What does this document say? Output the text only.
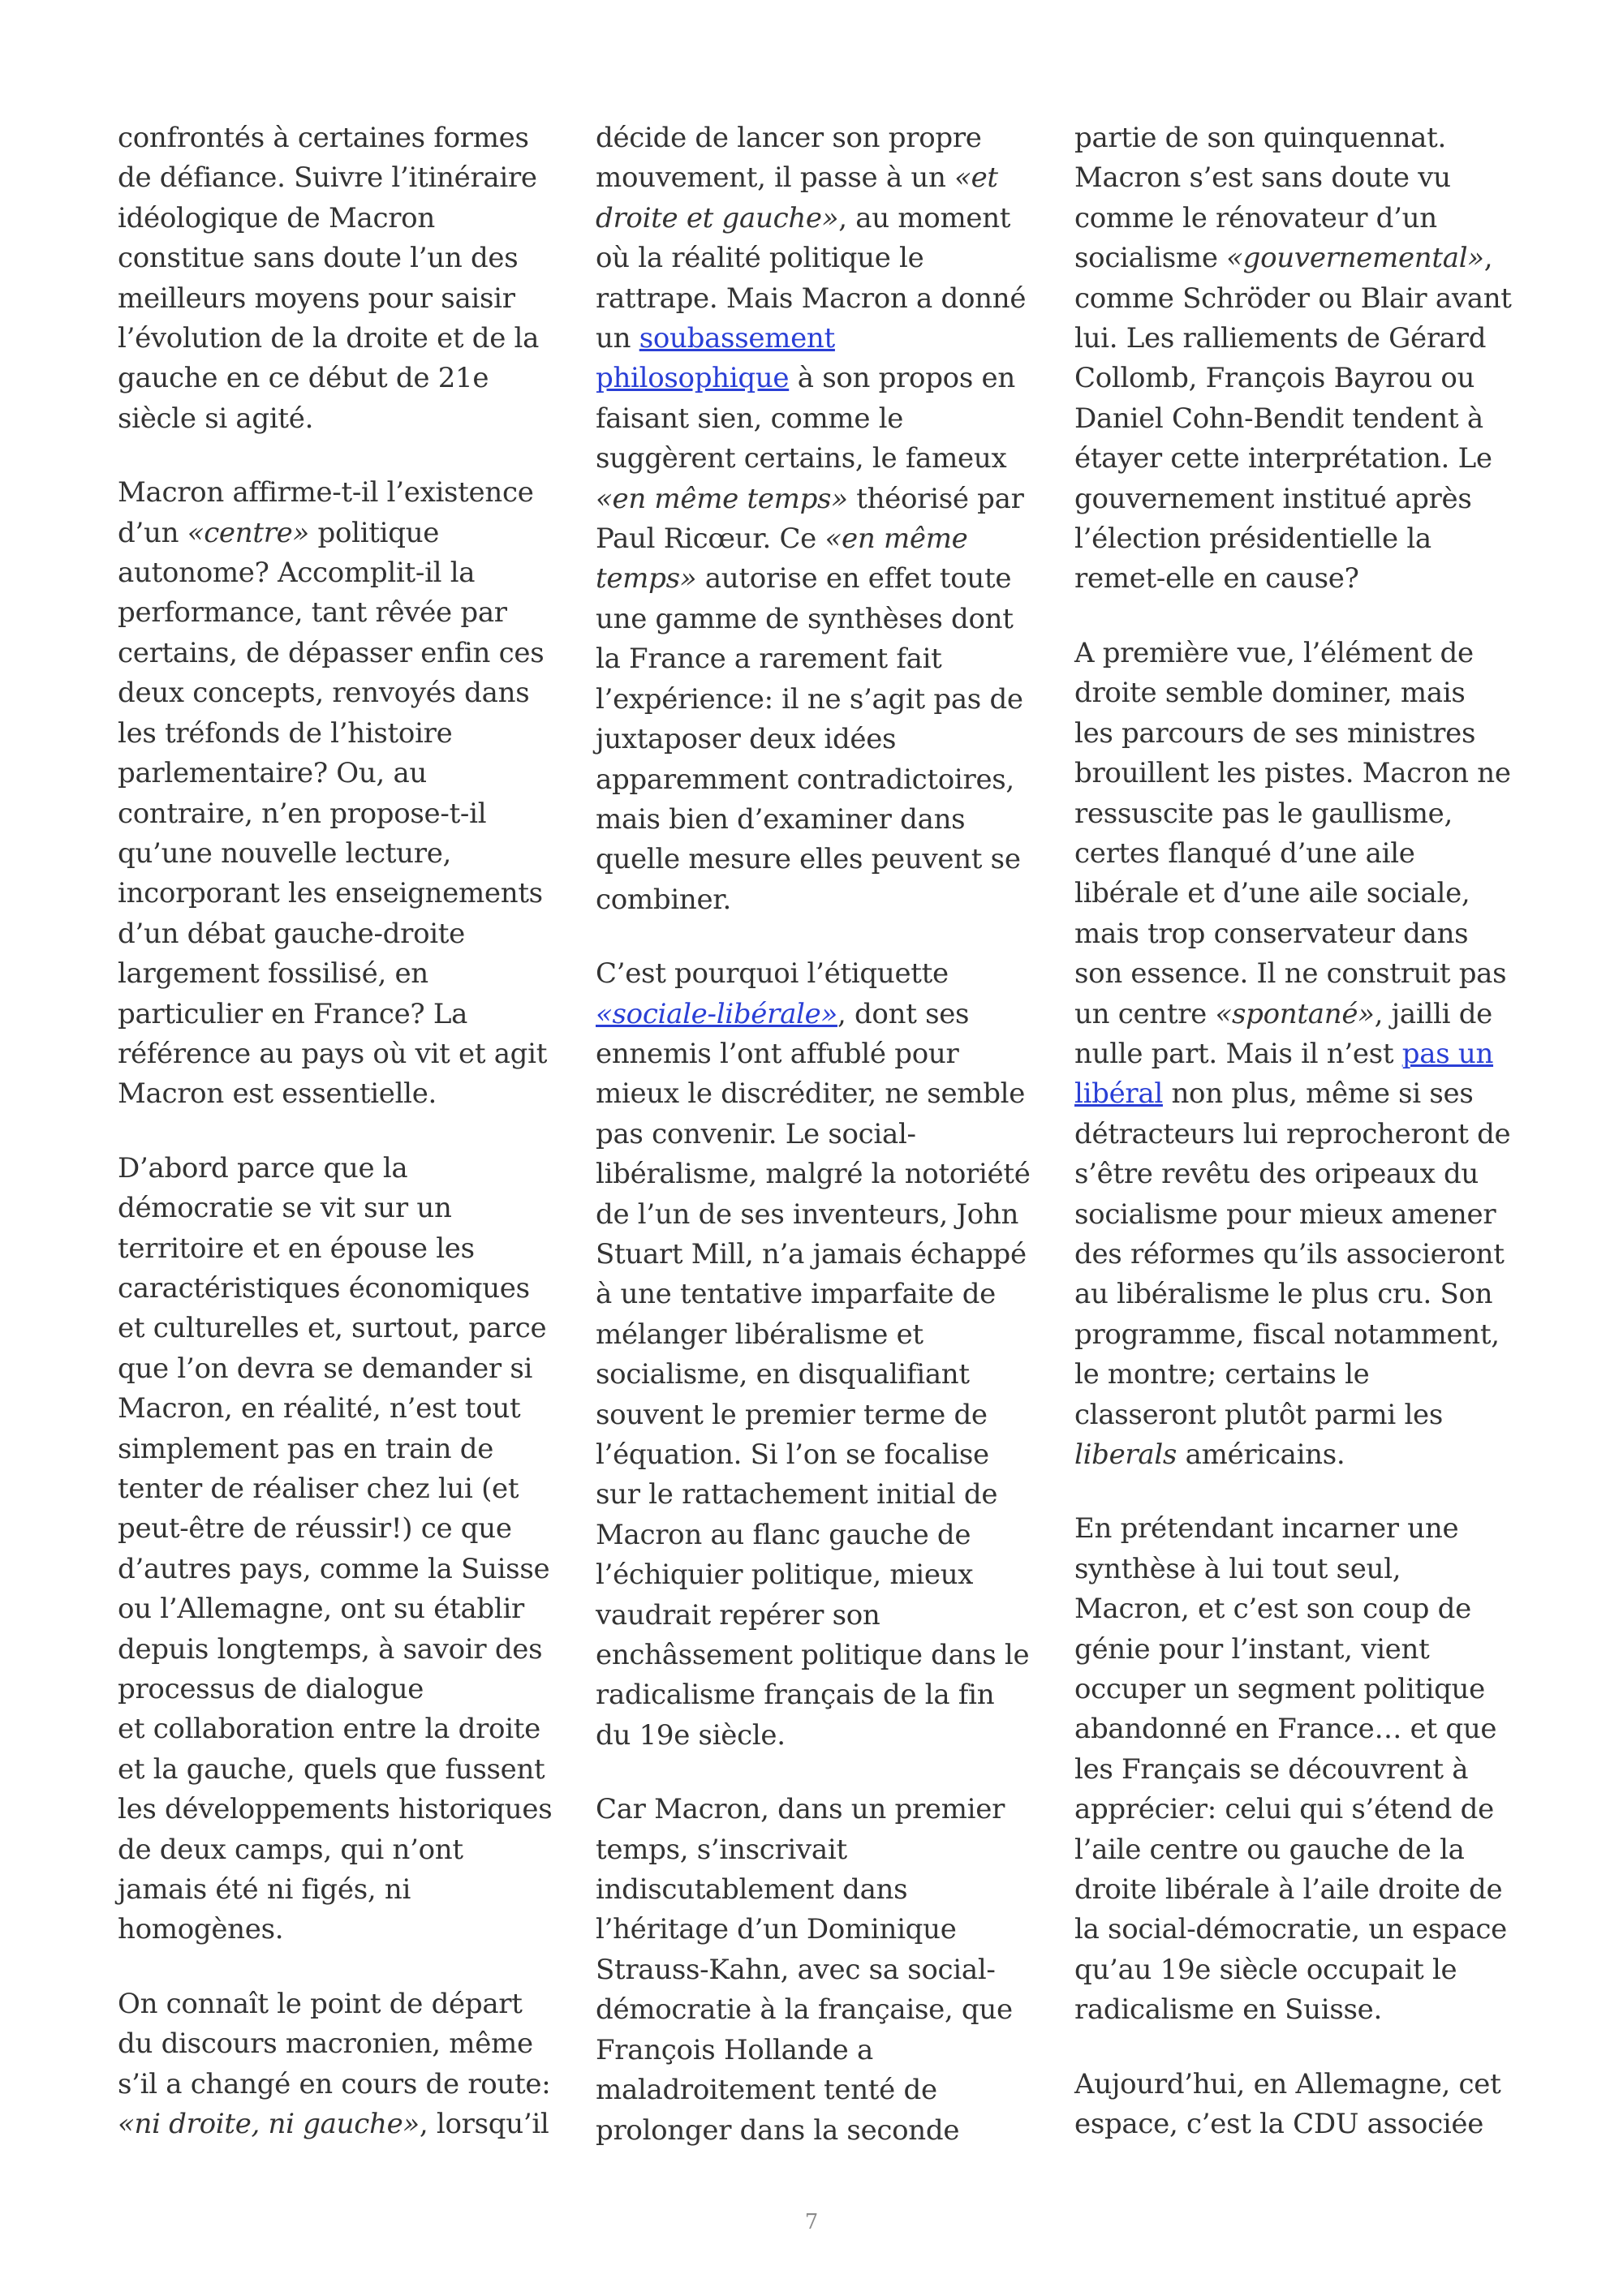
confrontés à certaines formes
de défiance. Suivre l’itinéraire
idéologique de Macron
constitue sans doute l’un des
meilleurs moyens pour saisir
l’évolution de la droite et de la
gauche en ce début de 21e
siècle si agité.

Macron affirme-t-il l’existence
d’un «centre» politique
autonome? Accomplit-il la
performance, tant rêvée par
certains, de dépasser enfin ces
deux concepts, renvoyés dans
les tréfonds de l’histoire
parlementaire? Ou, au
contraire, n’en propose-t-il
qu’une nouvelle lecture,
incorporant les enseignements
d’un débat gauche-droite
largement fossilisé, en
particulier en France? La
référence au pays où vit et agit
Macron est essentielle.

D’abord parce que la
démocratie se vit sur un
territoire et en épouse les
caractéristiques économiques
et culturelles et, surtout, parce
que l’on devra se demander si
Macron, en réalité, n’est tout
simplement pas en train de
tenter de réaliser chez lui (et
peut-être de réussir!) ce que
d’autres pays, comme la Suisse
ou l’Allemagne, ont su établir
depuis longtemps, à savoir des
processus de dialogue
et collaboration entre la droite
et la gauche, quels que fussent
les développements historiques
de deux camps, qui n’ont
jamais été ni figés, ni
homogènes.

On connaît le point de départ
du discours macronien, même
s’il a changé en cours de route:
«ni droite, ni gauche», lorsqu’il

décide de lancer son propre
mouvement, il passe à un «et
droite et gauche», au moment
où la réalité politique le
rattrape. Mais Macron a donné
un soubassement
philosophique à son propos en
faisant sien, comme le
suggèrent certains, le fameux
«en même temps» théorisé par
Paul Ricœur. Ce «en même
temps» autorise en effet toute
une gamme de synthèses dont
la France a rarement fait
l’expérience: il ne s’agit pas de
juxtaposer deux idées
apparemment contradictoires,
mais bien d’examiner dans
quelle mesure elles peuvent se
combiner.

C’est pourquoi l’étiquette
«sociale-libérale», dont ses
ennemis l’ont affublé pour
mieux le discréditer, ne semble
pas convenir. Le social-
libéralisme, malgré la notoriété
de l’un de ses inventeurs, John
Stuart Mill, n’a jamais échappé
à une tentative imparfaite de
mélanger libéralisme et
socialisme, en disqualifiant
souvent le premier terme de
l’équation. Si l’on se focalise
sur le rattachement initial de
Macron au flanc gauche de
l’échiquier politique, mieux
vaudrait repérer son
enchâssement politique dans le
radicalisme français de la fin
du 19e siècle.

Car Macron, dans un premier
temps, s’inscrivait
indiscutablement dans
l’héritage d’un Dominique
Strauss-Kahn, avec sa social-
démocratie à la française, que
François Hollande a
maladroitement tenté de
prolonger dans la seconde

partie de son quinquennat.
Macron s’est sans doute vu
comme le rénovateur d’un
socialisme «gouvernemental»,
comme Schröder ou Blair avant
lui. Les ralliements de Gérard
Collomb, François Bayrou ou
Daniel Cohn-Bendit tendent à
étayer cette interprétation. Le
gouvernement institué après
l’élection présidentielle la
remet-elle en cause?

A première vue, l’élément de
droite semble dominer, mais
les parcours de ses ministres
brouillent les pistes. Macron ne
ressuscite pas le gaullisme,
certes flanqué d’une aile
libérale et d’une aile sociale,
mais trop conservateur dans
son essence. Il ne construit pas
un centre «spontané», jailli de
nulle part. Mais il n’est pas un
libéral non plus, même si ses
détracteurs lui reprocheront de
s’être revêtu des oripeaux du
socialisme pour mieux amener
des réformes qu’ils associeront
au libéralisme le plus cru. Son
programme, fiscal notamment,
le montre; certains le
classeront plutôt parmi les
liberals américains.

En prétendant incarner une
synthèse à lui tout seul,
Macron, et c’est son coup de
génie pour l’instant, vient
occuper un segment politique
abandonné en France… et que
les Français se découvrent à
apprécier: celui qui s’étend de
l’aile centre ou gauche de la
droite libérale à l’aile droite de
la social-démocratie, un espace
qu’au 19e siècle occupait le
radicalisme en Suisse.

Aujourd’hui, en Allemagne, cet
espace, c’est la CDU associée

7
